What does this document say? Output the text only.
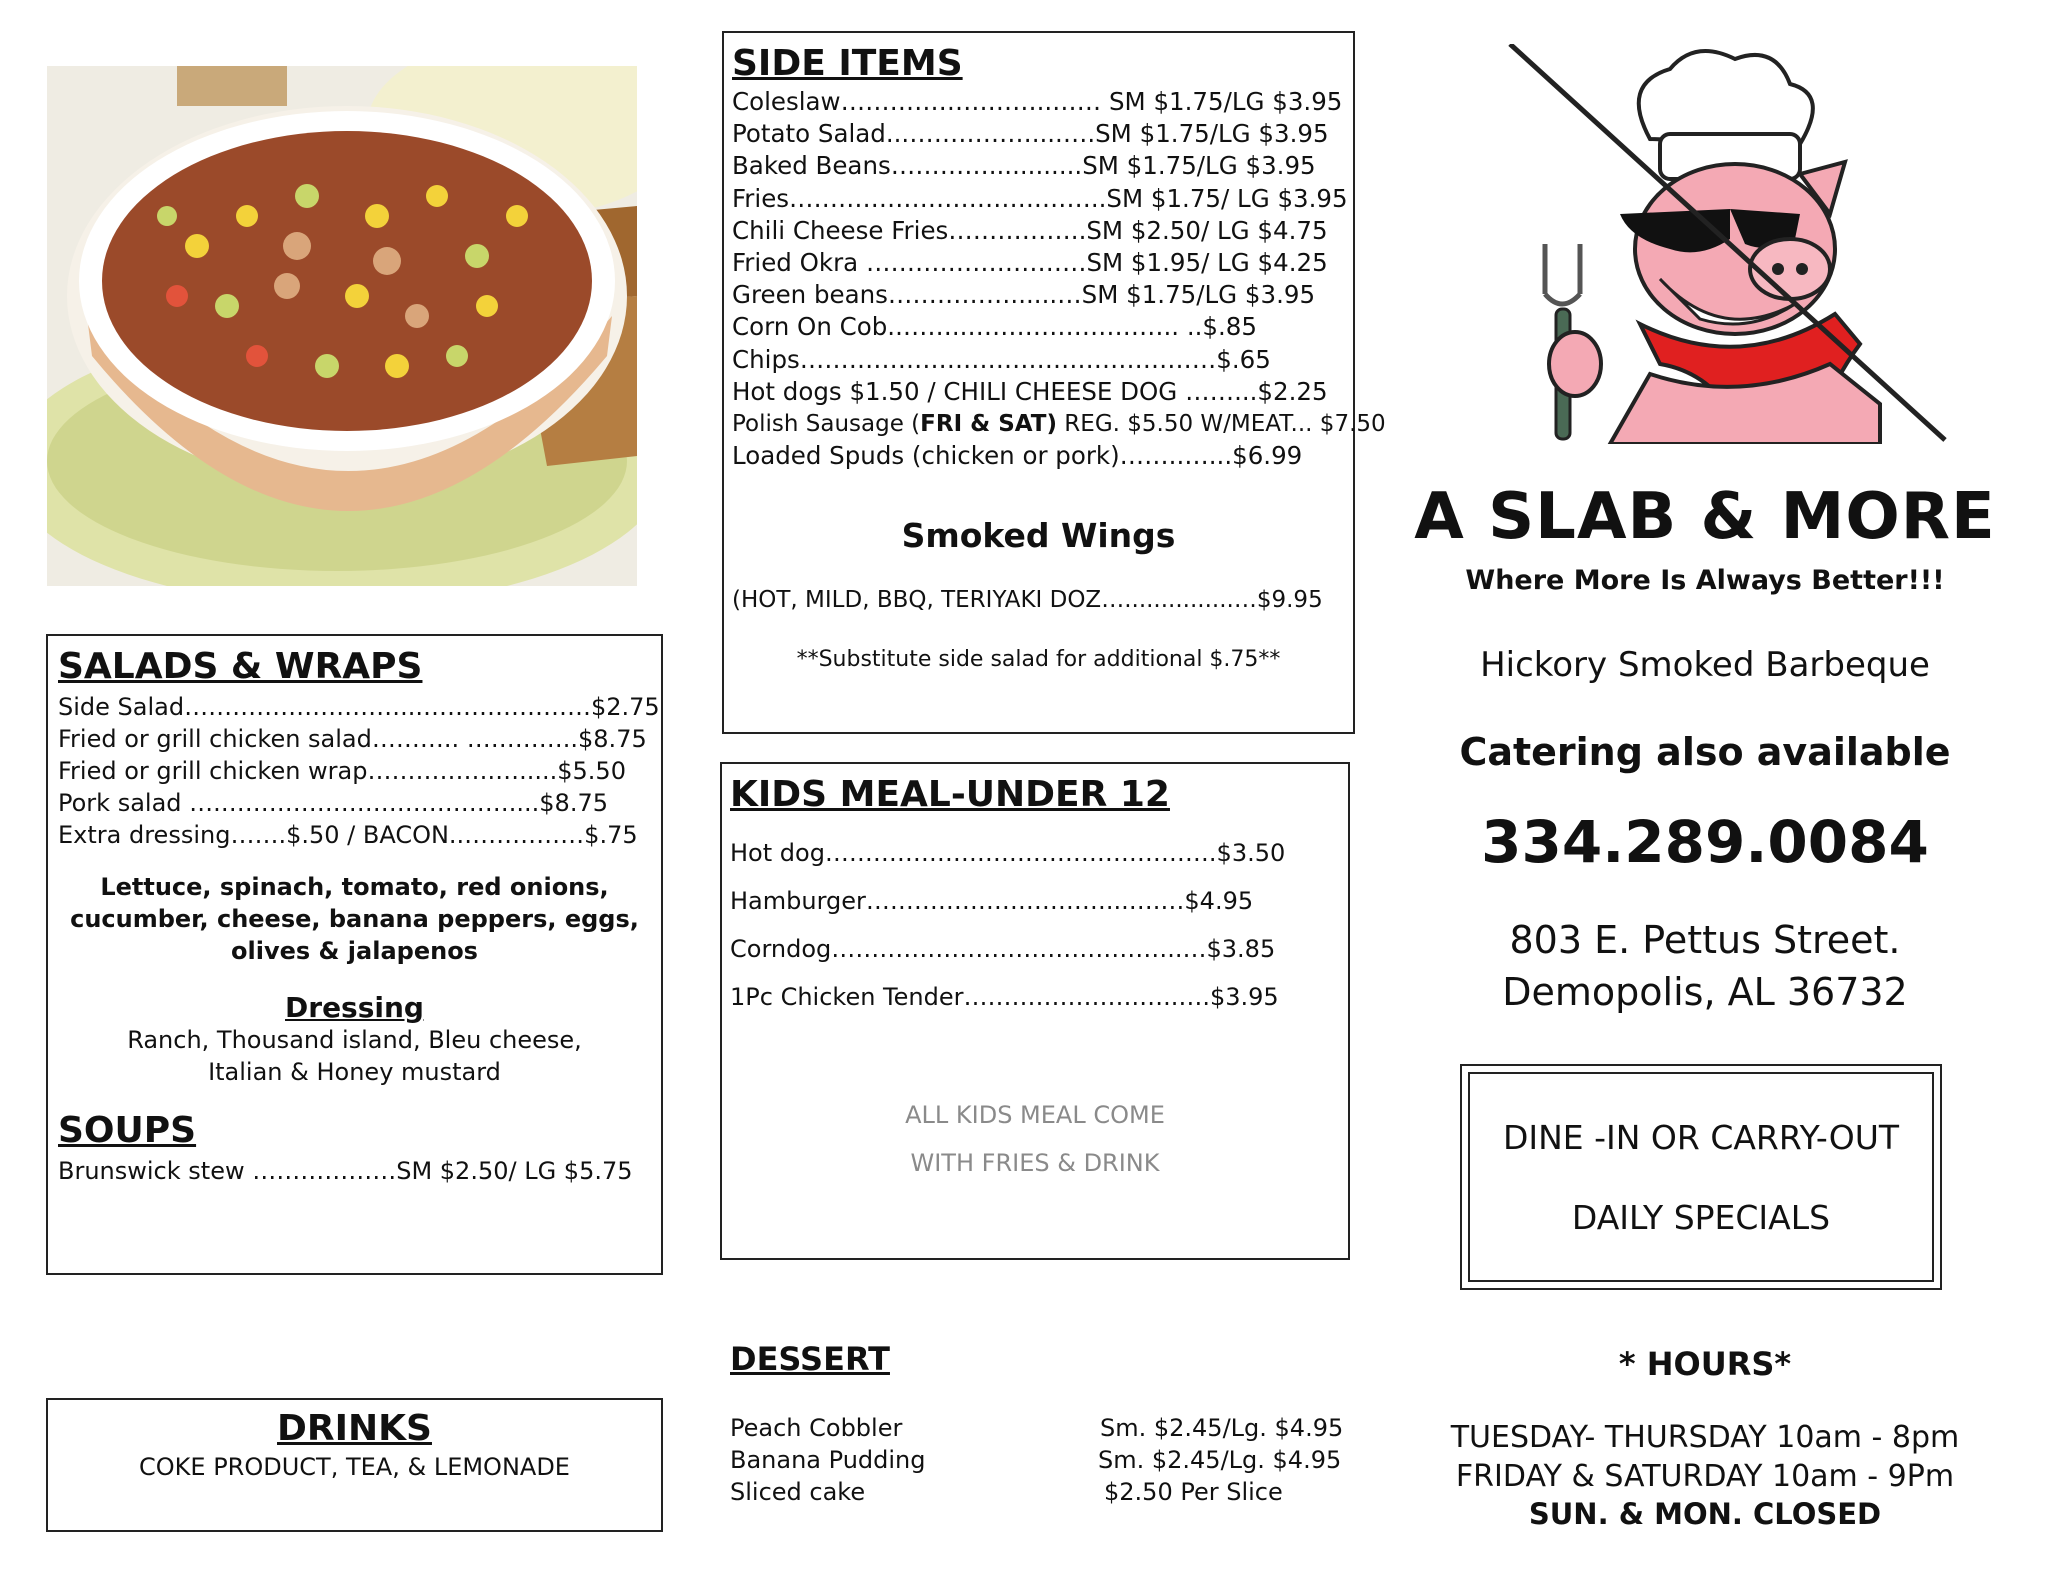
SALADS & WRAPS
Side Salad………………………...…………………$2.75
Fried or grill chicken salad……….. …………..$8.75
Fried or grill chicken wrap…………….….....$5.50
Pork salad ….………………………………....$8.75
Extra dressing…….$.50 / BACON..……………$.75
Lettuce, spinach, tomato, red onions,
cucumber, cheese, banana peppers, eggs,
olives & jalapenos
Dressing
Ranch, Thousand island, Bleu cheese,
Italian & Honey mustard
SOUPS
Brunswick stew ………………SM $2.50/ LG $5.75
DRINKS
COKE PRODUCT, TEA, & LEMONADE
SIDE ITEMS
Coleslaw……………………..…… SM $1.75/LG $3.95
Potato Salad...……………....….SM $1.75/LG $3.95
Baked Beans…………............SM $1.75/LG $3.95
Fries………………………….……..SM $1.75/ LG $3.95
Chili Cheese Fries……………..SM $2.50/ LG $4.75
Fried Okra ………………………SM $1.95/ LG $4.25
Green beans……………......…SM $1.75/LG $3.95
Corn On Cob..……..…………………….. ..$.85
Chips……………………………………………$.65
Hot dogs $1.50 / CHILI CHEESE DOG ……...$2.25
Polish Sausage (FRI & SAT) REG. $5.50 W/MEAT... $7.50
Loaded Spuds (chicken or pork)……..…...$6.99
Smoked Wings
(HOT, MILD, BBQ, TERIYAKI DOZ…...............…$9.95
**Substitute side salad for additional $.75**
KIDS MEAL-UNDER 12
Hot dog………………………………………….$3.50
Hamburger…………………………...….…$4.95
Corndog……………………………………..…$3.85
1Pc Chicken Tender………………….…..….$3.95
ALL KIDS MEAL COME
WITH FRIES & DRINK
DESSERT
Peach Cobbler	Sm. $2.45/Lg. $4.95
Banana Pudding	Sm. $2.45/Lg. $4.95
Sliced cake	$2.50 Per Slice
A SLAB & MORE
Where More Is Always Better!!!
Hickory Smoked Barbeque
Catering also available
334.289.0084
803 E. Pettus Street.
Demopolis, AL 36732
DINE -IN OR CARRY-OUT
DAILY SPECIALS
* HOURS*
TUESDAY- THURSDAY 10am - 8pm
FRIDAY & SATURDAY 10am - 9Pm
SUN. & MON. CLOSED
